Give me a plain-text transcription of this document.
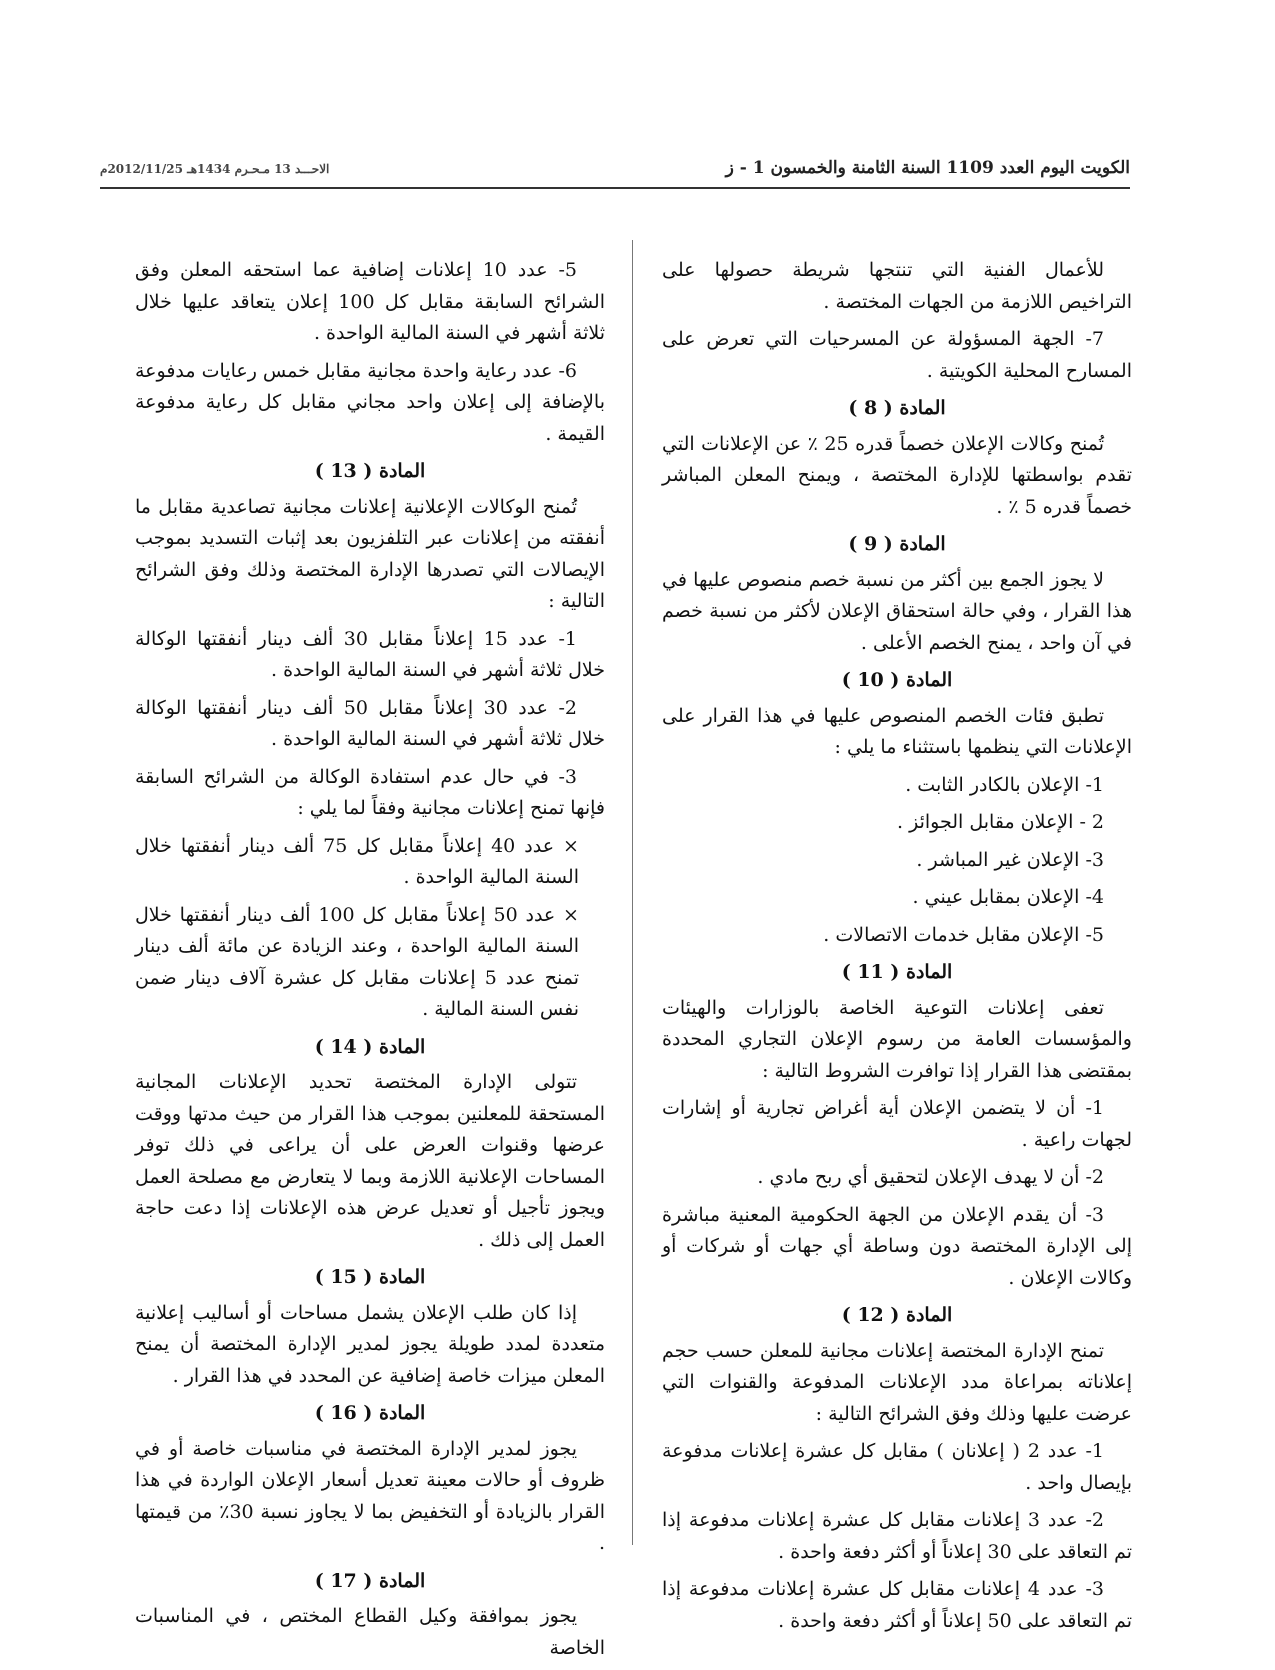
الكويت اليوم العدد 1109 السنة الثامنة والخمسون 1 - ز
الاحـــد 13 مـحـرم 1434هـ 2012/11/25م
للأعمال الفنية التي تنتجها شريطة حصولها على التراخيص اللازمة من الجهات المختصة .
7- الجهة المسؤولة عن المسرحيات التي تعرض على المسارح المحلية الكويتية .
المادة ( 8 )
تُمنح وكالات الإعلان خصماً قدره 25 ٪ عن الإعلانات التي تقدم بواسطتها للإدارة المختصة ، ويمنح المعلن المباشر خصماً قدره 5 ٪ .
المادة ( 9 )
لا يجوز الجمع بين أكثر من نسبة خصم منصوص عليها في هذا القرار ، وفي حالة استحقاق الإعلان لأكثر من نسبة خصم في آن واحد ، يمنح الخصم الأعلى .
المادة ( 10 )
تطبق فئات الخصم المنصوص عليها في هذا القرار على الإعلانات التي ينظمها باستثناء ما يلي :
1- الإعلان بالكادر الثابت .
2 - الإعلان مقابل الجوائز .
3- الإعلان غير المباشر .
4- الإعلان بمقابل عيني .
5- الإعلان مقابل خدمات الاتصالات .
المادة ( 11 )
تعفى إعلانات التوعية الخاصة بالوزارات والهيئات والمؤسسات العامة من رسوم الإعلان التجاري المحددة بمقتضى هذا القرار إذا توافرت الشروط التالية :
1- أن لا يتضمن الإعلان أية أغراض تجارية أو إشارات لجهات راعية .
2- أن لا يهدف الإعلان لتحقيق أي ربح مادي .
3- أن يقدم الإعلان من الجهة الحكومية المعنية مباشرة إلى الإدارة المختصة دون وساطة أي جهات أو شركات أو وكالات الإعلان .
المادة ( 12 )
تمنح الإدارة المختصة إعلانات مجانية للمعلن حسب حجم إعلاناته بمراعاة مدد الإعلانات المدفوعة والقنوات التي عرضت عليها وذلك وفق الشرائح التالية :
1- عدد 2 ( إعلانان ) مقابل كل عشرة إعلانات مدفوعة بإيصال واحد .
2- عدد 3 إعلانات مقابل كل عشرة إعلانات مدفوعة إذا تم التعاقد على 30 إعلاناً أو أكثر دفعة واحدة .
3- عدد 4 إعلانات مقابل كل عشرة إعلانات مدفوعة إذا تم التعاقد على 50 إعلاناً أو أكثر دفعة واحدة .
5- عدد 10 إعلانات إضافية عما استحقه المعلن وفق الشرائح السابقة مقابل كل 100 إعلان يتعاقد عليها خلال ثلاثة أشهر في السنة المالية الواحدة .
6- عدد رعاية واحدة مجانية مقابل خمس رعايات مدفوعة بالإضافة إلى إعلان واحد مجاني مقابل كل رعاية مدفوعة القيمة .
المادة ( 13 )
تُمنح الوكالات الإعلانية إعلانات مجانية تصاعدية مقابل ما أنفقته من إعلانات عبر التلفزيون بعد إثبات التسديد بموجب الإيصالات التي تصدرها الإدارة المختصة وذلك وفق الشرائح التالية :
1- عدد 15 إعلاناً مقابل 30 ألف دينار أنفقتها الوكالة خلال ثلاثة أشهر في السنة المالية الواحدة .
2- عدد 30 إعلاناً مقابل 50 ألف دينار أنفقتها الوكالة خلال ثلاثة أشهر في السنة المالية الواحدة .
3- في حال عدم استفادة الوكالة من الشرائح السابقة فإنها تمنح إعلانات مجانية وفقاً لما يلي :
× عدد 40 إعلاناً مقابل كل 75 ألف دينار أنفقتها خلال السنة المالية الواحدة .
× عدد 50 إعلاناً مقابل كل 100 ألف دينار أنفقتها خلال السنة المالية الواحدة ، وعند الزيادة عن مائة ألف دينار تمنح عدد 5 إعلانات مقابل كل عشرة آلاف دينار ضمن نفس السنة المالية .
المادة ( 14 )
تتولى الإدارة المختصة تحديد الإعلانات المجانية المستحقة للمعلنين بموجب هذا القرار من حيث مدتها ووقت عرضها وقنوات العرض على أن يراعى في ذلك توفر المساحات الإعلانية اللازمة وبما لا يتعارض مع مصلحة العمل ويجوز تأجيل أو تعديل عرض هذه الإعلانات إذا دعت حاجة العمل إلى ذلك .
المادة ( 15 )
إذا كان طلب الإعلان يشمل مساحات أو أساليب إعلانية متعددة لمدد طويلة يجوز لمدير الإدارة المختصة أن يمنح المعلن ميزات خاصة إضافية عن المحدد في هذا القرار .
المادة ( 16 )
يجوز لمدير الإدارة المختصة في مناسبات خاصة أو في ظروف أو حالات معينة تعديل أسعار الإعلان الواردة في هذا القرار بالزيادة أو التخفيض بما لا يجاوز نسبة 30٪ من قيمتها .
المادة ( 17 )
يجوز بموافقة وكيل القطاع المختص ، في المناسبات الخاصة
